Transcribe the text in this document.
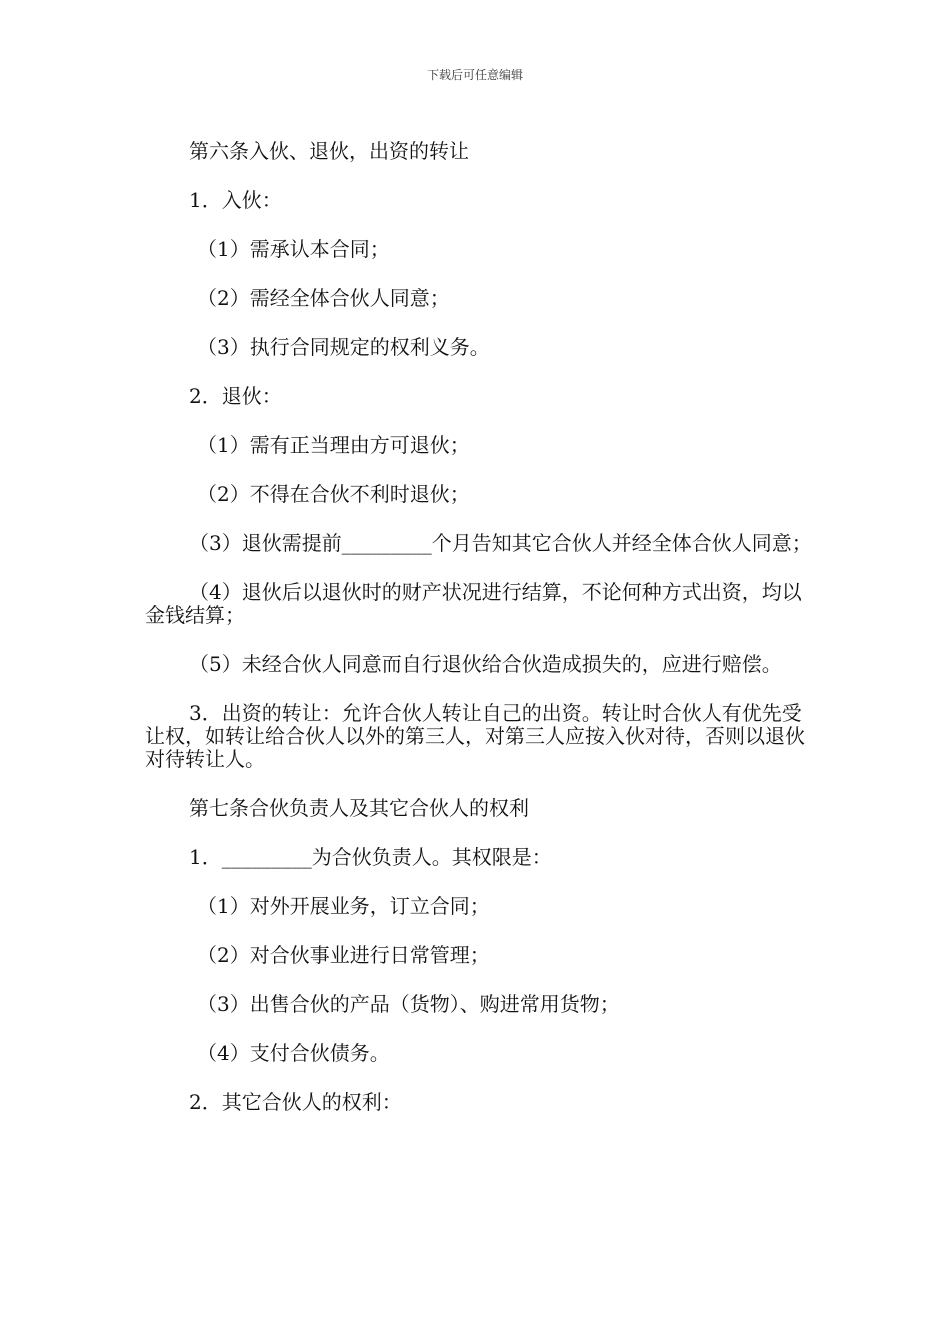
下载后可任意编辑

第六条入伙、退伙，出资的转让

1．入伙：

（1）需承认本合同；

（2）需经全体合伙人同意；

（3）执行合同规定的权利义务。

2．退伙：

（1）需有正当理由方可退伙；

（2）不得在合伙不利时退伙；

（3）退伙需提前_________个月告知其它合伙人并经全体合伙人同意；

（4）退伙后以退伙时的财产状况进行结算，不论何种方式出资，均以金钱结算；

（5）未经合伙人同意而自行退伙给合伙造成损失的，应进行赔偿。

3．出资的转让：允许合伙人转让自己的出资。转让时合伙人有优先受让权，如转让给合伙人以外的第三人，对第三人应按入伙对待，否则以退伙对待转让人。

第七条合伙负责人及其它合伙人的权利

1．_________为合伙负责人。其权限是：

（1）对外开展业务，订立合同；

（2）对合伙事业进行日常管理；

（3）出售合伙的产品（货物）、购进常用货物；

（4）支付合伙债务。

2．其它合伙人的权利：
